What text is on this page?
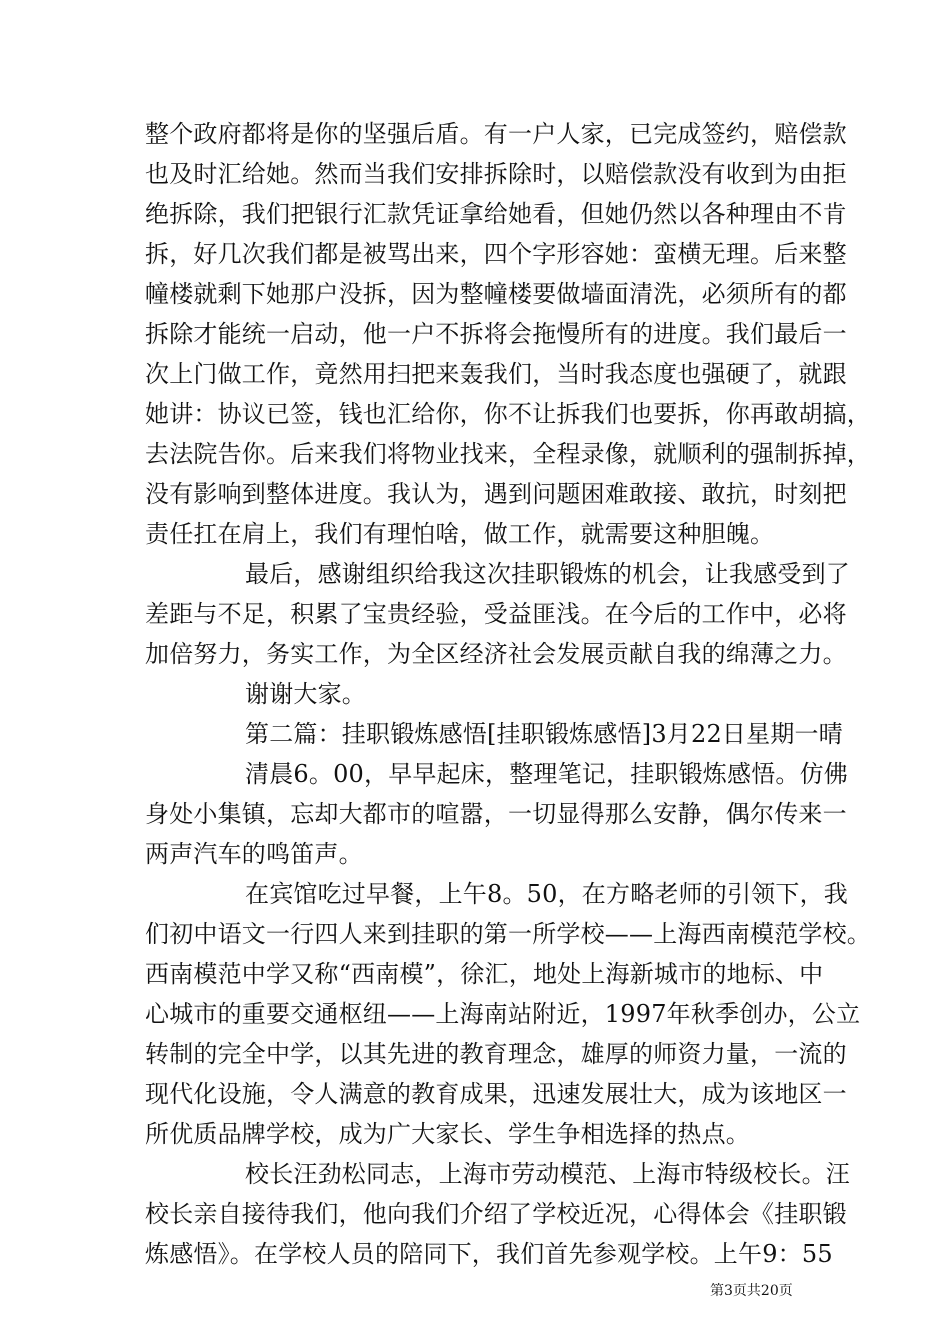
整个政府都将是你的坚强后盾。有一户人家，已完成签约，赔偿款
也及时汇给她。然而当我们安排拆除时，以赔偿款没有收到为由拒
绝拆除，我们把银行汇款凭证拿给她看，但她仍然以各种理由不肯
拆，好几次我们都是被骂出来，四个字形容她：蛮横无理。后来整
幢楼就剩下她那户没拆，因为整幢楼要做墙面清洗，必须所有的都
拆除才能统一启动，他一户不拆将会拖慢所有的进度。我们最后一
次上门做工作，竟然用扫把来轰我们，当时我态度也强硬了，就跟
她讲：协议已签，钱也汇给你，你不让拆我们也要拆，你再敢胡搞，
去法院告你。后来我们将物业找来，全程录像，就顺利的强制拆掉，
没有影响到整体进度。我认为，遇到问题困难敢接、敢抗，时刻把
责任扛在肩上，我们有理怕啥，做工作，就需要这种胆魄。
最后，感谢组织给我这次挂职锻炼的机会，让我感受到了
差距与不足，积累了宝贵经验，受益匪浅。在今后的工作中，必将
加倍努力，务实工作，为全区经济社会发展贡献自我的绵薄之力。
谢谢大家。
第二篇：挂职锻炼感悟[挂职锻炼感悟]3月22日星期一晴
清晨6。00，早早起床，整理笔记，挂职锻炼感悟。仿佛
身处小集镇，忘却大都市的喧嚣，一切显得那么安静，偶尔传来一
两声汽车的鸣笛声。
在宾馆吃过早餐，上午8。50，在方略老师的引领下，我
们初中语文一行四人来到挂职的第一所学校——上海西南模范学校。
西南模范中学又称“西南模”，徐汇，地处上海新城市的地标、中
心城市的重要交通枢纽——上海南站附近，1997年秋季创办，公立
转制的完全中学，以其先进的教育理念，雄厚的师资力量，一流的
现代化设施，令人满意的教育成果，迅速发展壮大，成为该地区一
所优质品牌学校，成为广大家长、学生争相选择的热点。
校长汪劲松同志，上海市劳动模范、上海市特级校长。汪
校长亲自接待我们，他向我们介绍了学校近况，心得体会《挂职锻
炼感悟》。在学校人员的陪同下，我们首先参观学校。上午9：55
第3页共20页
